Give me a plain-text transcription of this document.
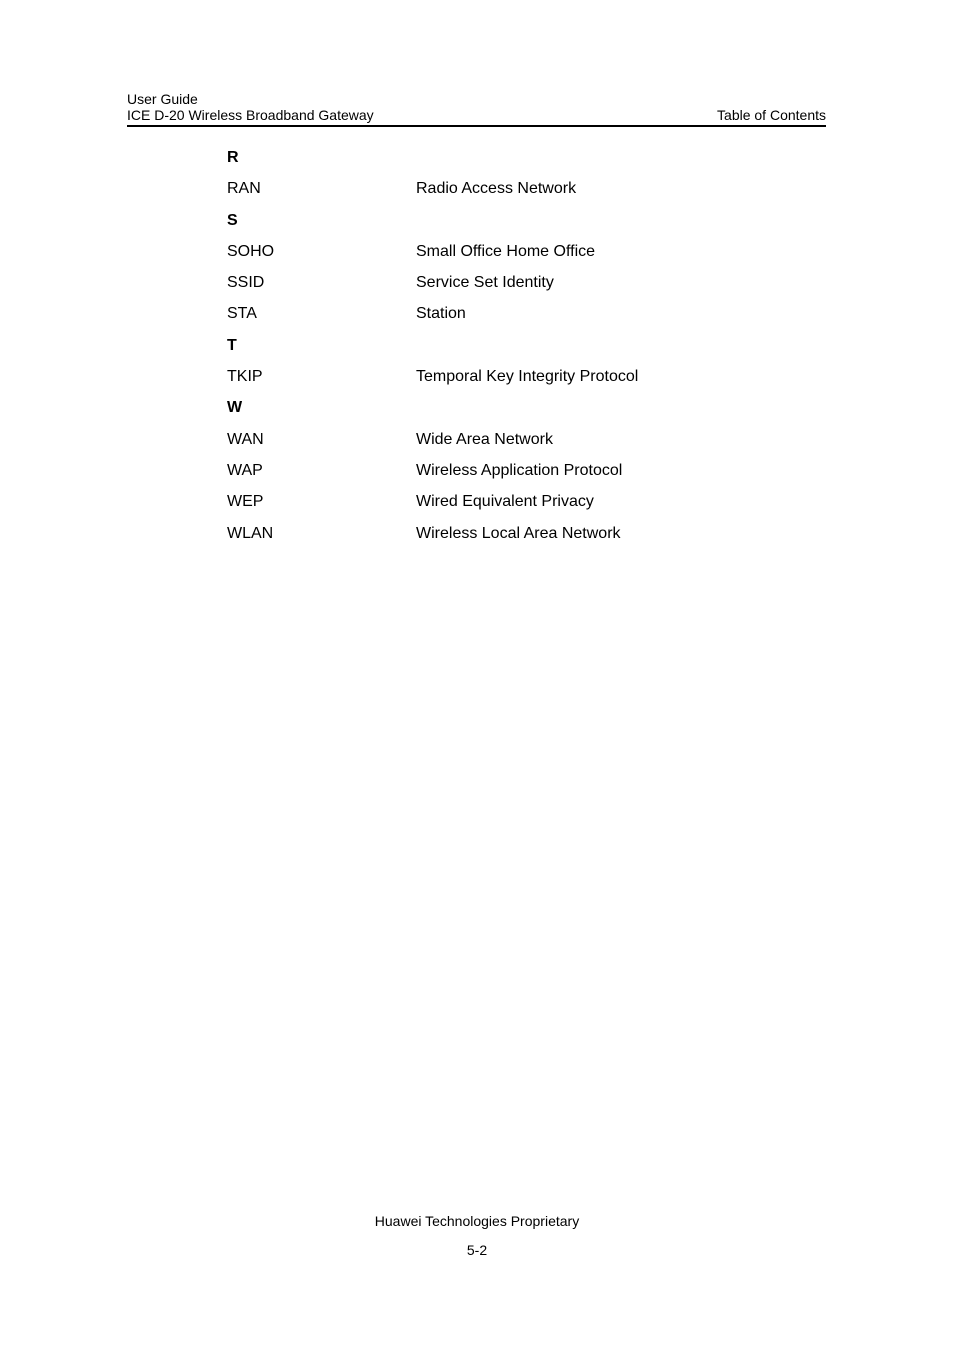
User Guide
ICE D-20 Wireless Broadband Gateway	Table of Contents
R
RAN	Radio Access Network
S
SOHO	Small Office Home Office
SSID	Service Set Identity
STA	Station
T
TKIP	Temporal Key Integrity Protocol
W
WAN	Wide Area Network
WAP	Wireless Application Protocol
WEP	Wired Equivalent Privacy
WLAN	Wireless Local Area Network
Huawei Technologies Proprietary
5-2
